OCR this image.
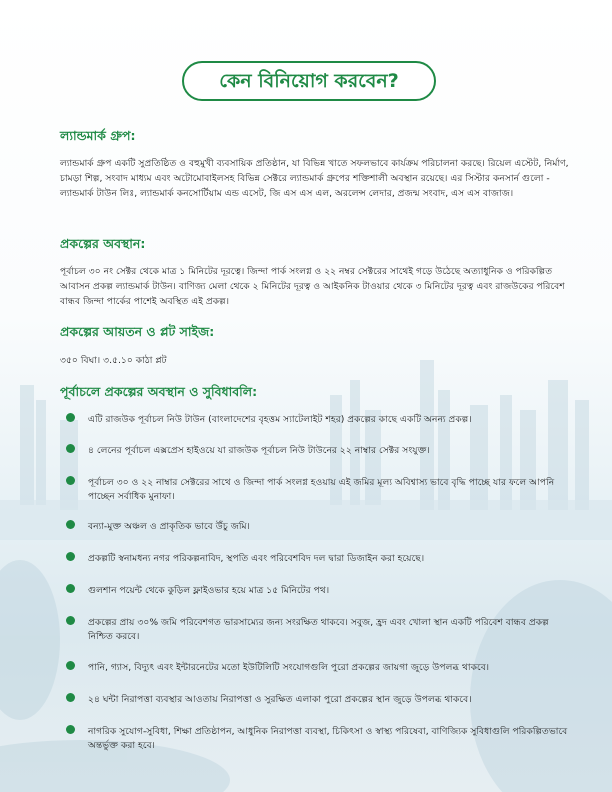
কেন বিনিয়োগ করবেন?
ল্যান্ডমার্ক গ্রুপ:

ল্যান্ডমার্ক গ্রুপ একটি সুপ্রতিষ্ঠিত ও বহুমুখী ব্যবসায়িক প্রতিষ্ঠান, যা বিভিন্ন খাতে সফলভাবে কার্যক্রম পরিচালনা করছে। রিয়েল এস্টেট, নির্মাণ, চামড়া শিল্প, সংবাদ মাধ্যম এবং অটোমোবাইলসহ বিভিন্ন সেক্টরে ল্যান্ডমার্ক গ্রুপের শক্তিশালী অবস্থান রয়েছে। এর সিস্টার কনসার্ন গুলো - ল্যান্ডমার্ক টাউন লিঃ, ল্যান্ডমার্ক কনসোর্টিয়াম এন্ড এসেট, জি এস এস এল, অরলেন্স লেদার, প্রজন্ম সংবাদ, এস এস বাজাজ।

প্রকল্পের অবস্থান:

পূর্বাচল ৩০ নং সেক্টর থেকে মাত্র ১ মিনিটের দূরত্বে। জিন্দা পার্ক সংলগ্ন ও ২২ নম্বর সেক্টরের সাথেই গড়ে উঠেছে অত্যাধুনিক ও পরিকল্পিত আবাসন প্রকল্প ল্যান্ডমার্ক টাউন। বাণিজ্য মেলা থেকে ২ মিনিটের দূরত্ব ও আইকনিক টাওয়ার থেকে ৩ মিনিটের দূরত্ব এবং রাজউকের পরিবেশ বান্ধব জিন্দা পার্কের পাশেই অবস্থিত এই প্রকল্প।

প্রকল্পের আয়তন ও প্লট সাইজ:

৩৫০ বিঘা। ৩.৫.১০ কাঠা প্লট

পূর্বাচলে প্রকল্পের অবস্থান ও সুবিধাবলি:
এটি রাজউক পূর্বাচল নিউ টাউন (বাংলাদেশের বৃহত্তম স্যাটেলাইট শহর) প্রকল্পের কাছে একটি অনন্য প্রকল্প।
৪ লেনের পূর্বাচল এক্সপ্রেস হাইওয়ে যা রাজউক পূর্বাচল নিউ টাউনের ২২ নাম্বার সেক্টর সংযুক্ত।
পূর্বাচল ৩০ ও ২২ নাম্বার সেক্টরের সাথে ও জিন্দা পার্ক সংলগ্ন হওয়ায় এই জমির মূল্য অবিশ্বাস্য ভাবে বৃদ্ধি পাচ্ছে যার ফলে আপনি পাচ্ছেন সর্বাধিক মুনাফা।
বন্যা-মুক্ত অঞ্চল ও প্রাকৃতিক ভাবে উঁচু জমি।
প্রকল্পটি স্বনামধন্য নগর পরিকল্পনাবিদ, স্থপতি এবং পরিবেশবিদ দল দ্বারা ডিজাইন করা হয়েছে।
গুলশান পয়েন্ট থেকে কুড়িল ফ্লাইওভার হয়ে মাত্র ১৫ মিনিটের পথ।
প্রকল্পের প্রায় ৩০% জমি পরিবেশগত ভারসাম্যের জন্য সংরক্ষিত থাকবে। সবুজ, হ্রদ এবং খোলা স্থান একটি পরিবেশ বান্ধব প্রকল্প নিশ্চিত করবে।
পানি, গ্যাস, বিদ্যুৎ এবং ইন্টারনেটের মতো ইউটিলিটি সংযোগগুলি পুরো প্রকল্পের জায়গা জুড়ে উপলব্ধ থাকবে।
২৪ ঘন্টা নিরাপত্তা ব্যবস্থার আওতায় নিরাপত্তা ও সুরক্ষিত এলাকা পুরো প্রকল্পের স্থান জুড়ে উপলব্ধ থাকবে।
নাগরিক সুযোগ-সুবিধা, শিক্ষা প্রতিষ্ঠাপন, আধুনিক নিরাপত্তা ব্যবস্থা, চিকিৎসা ও স্বাস্থ্য পরিষেবা, বাণিজ্যিক সুবিধাগুলি পরিকল্পিতভাবে অন্তর্ভুক্ত করা হবে।
